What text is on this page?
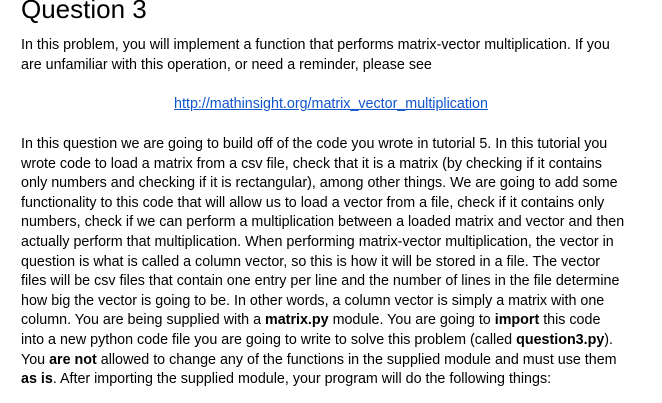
Question 3

In this problem, you will implement a function that performs matrix-vector multiplication. If you
are unfamiliar with this operation, or need a reminder, please see

http://mathinsight.org/matrix_vector_multiplication

In this question we are going to build off of the code you wrote in tutorial 5. In this tutorial you
wrote code to load a matrix from a csv file, check that it is a matrix (by checking if it contains
only numbers and checking if it is rectangular), among other things. We are going to add some
functionality to this code that will allow us to load a vector from a file, check if it contains only
numbers, check if we can perform a multiplication between a loaded matrix and vector and then
actually perform that multiplication. When performing matrix-vector multiplication, the vector in
question is what is called a column vector, so this is how it will be stored in a file. The vector
files will be csv files that contain one entry per line and the number of lines in the file determine
how big the vector is going to be. In other words, a column vector is simply a matrix with one
column. You are being supplied with a matrix.py module. You are going to import this code
into a new python code file you are going to write to solve this problem (called question3.py).
You are not allowed to change any of the functions in the supplied module and must use them
as is. After importing the supplied module, your program will do the following things:
